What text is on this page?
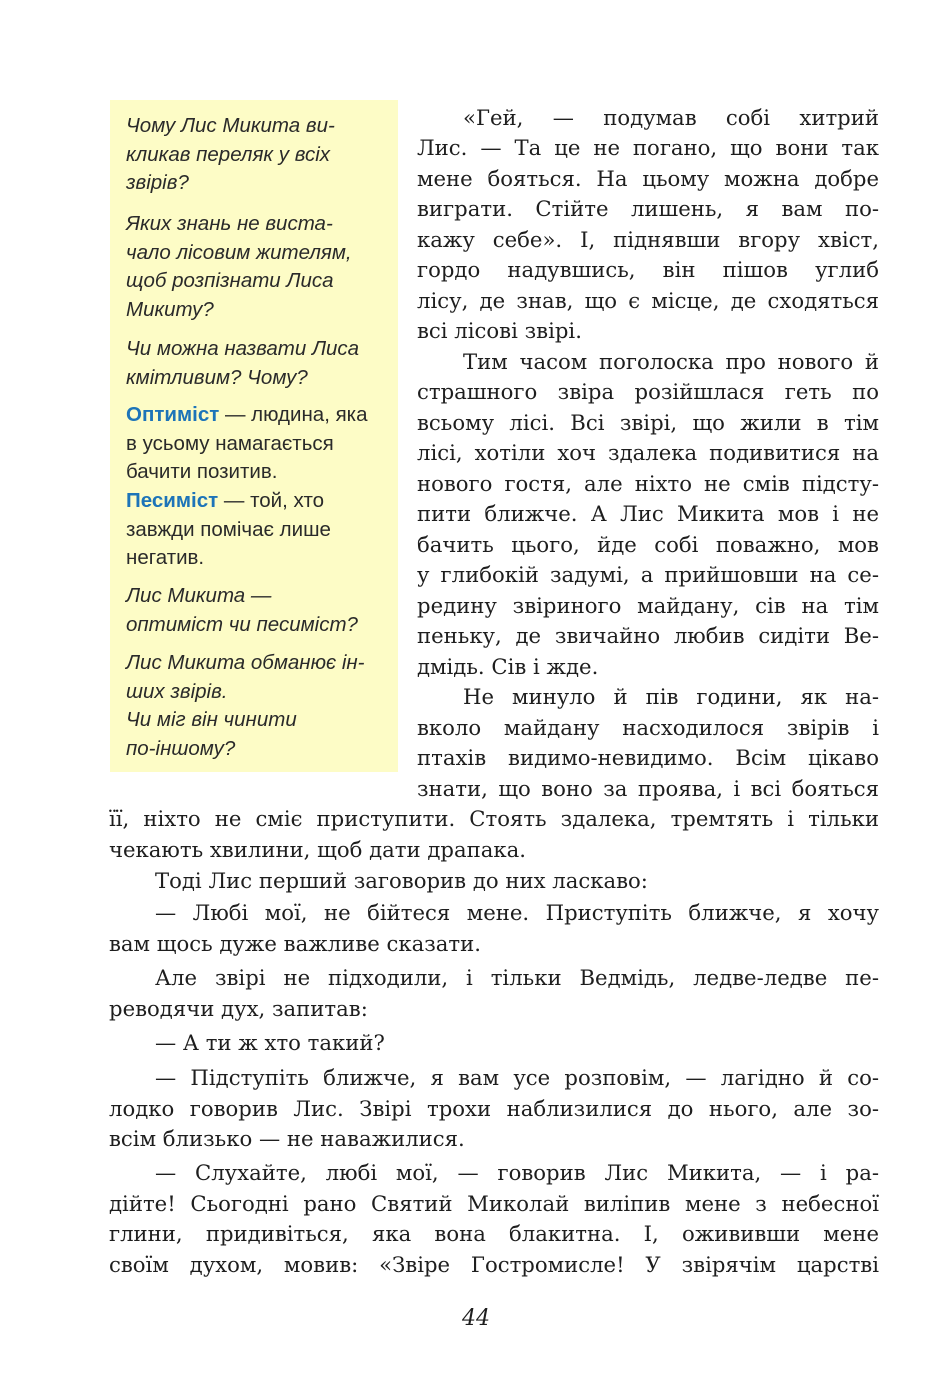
Чому Лис Микита ви-
кликав переляк у всіх
звірів?
Яких знань не виста-
чало лісовим жителям,
щоб розпізнати Лиса
Микиту?
Чи можна назвати Лиса
кмітливим? Чому?
Оптиміст — людина, яка
в усьому намагається
бачити позитив.
Песиміст — той, хто
завжди помічає лише
негатив.
Лис Микита —
оптиміст чи песиміст?
Лис Микита обманює ін-
ших звірів.
Чи міг він чинити
по-іншому?
«Гей, — подумав собі хитрий
Лис. — Та це не погано, що вони так
мене бояться. На цьому можна добре
виграти. Стійте лишень, я вам по-
кажу себе». І, піднявши вгору хвіст,
гордо надувшись, він пішов углиб
лісу, де знав, що є місце, де сходяться
всі лісові звірі.
Тим часом поголоска про нового й
страшного звіра розійшлася геть по
всьому лісі. Всі звірі, що жили в тім
лісі, хотіли хоч здалека подивитися на
нового гостя, але ніхто не смів підсту-
пити ближче. А Лис Микита мов і не
бачить цього, йде собі поважно, мов
у глибокій задумі, а прийшовши на се-
редину звіриного майдану, сів на тім
пеньку, де звичайно любив сидіти Ве-
дмідь. Сів і жде.
Не минуло й пів години, як на-
вколо майдану насходилося звірів і
птахів видимо-невидимо. Всім цікаво
знати, що воно за проява, і всі бояться
її, ніхто не сміє приступити. Стоять здалека, тремтять і тільки
чекають хвилини, щоб дати драпака.
Тоді Лис перший заговорив до них ласкаво:
— Любі мої, не бійтеся мене. Приступіть ближче, я хочу
вам щось дуже важливе сказати.
Але звірі не підходили, і тільки Ведмідь, ледве-ледве пе-
реводячи дух, запитав:
— А ти ж хто такий?
— Підступіть ближче, я вам усе розповім, — лагідно й со-
лодко говорив Лис. Звірі трохи наблизилися до нього, але зо-
всім близько — не наважилися.
— Слухайте, любі мої, — говорив Лис Микита, — і ра-
дійте! Сьогодні рано Святий Миколай виліпив мене з небесної
глини, придивіться, яка вона блакитна. І, ожививши мене
своїм духом, мовив: «Звіре Гостромисле! У звірячім царстві
44
